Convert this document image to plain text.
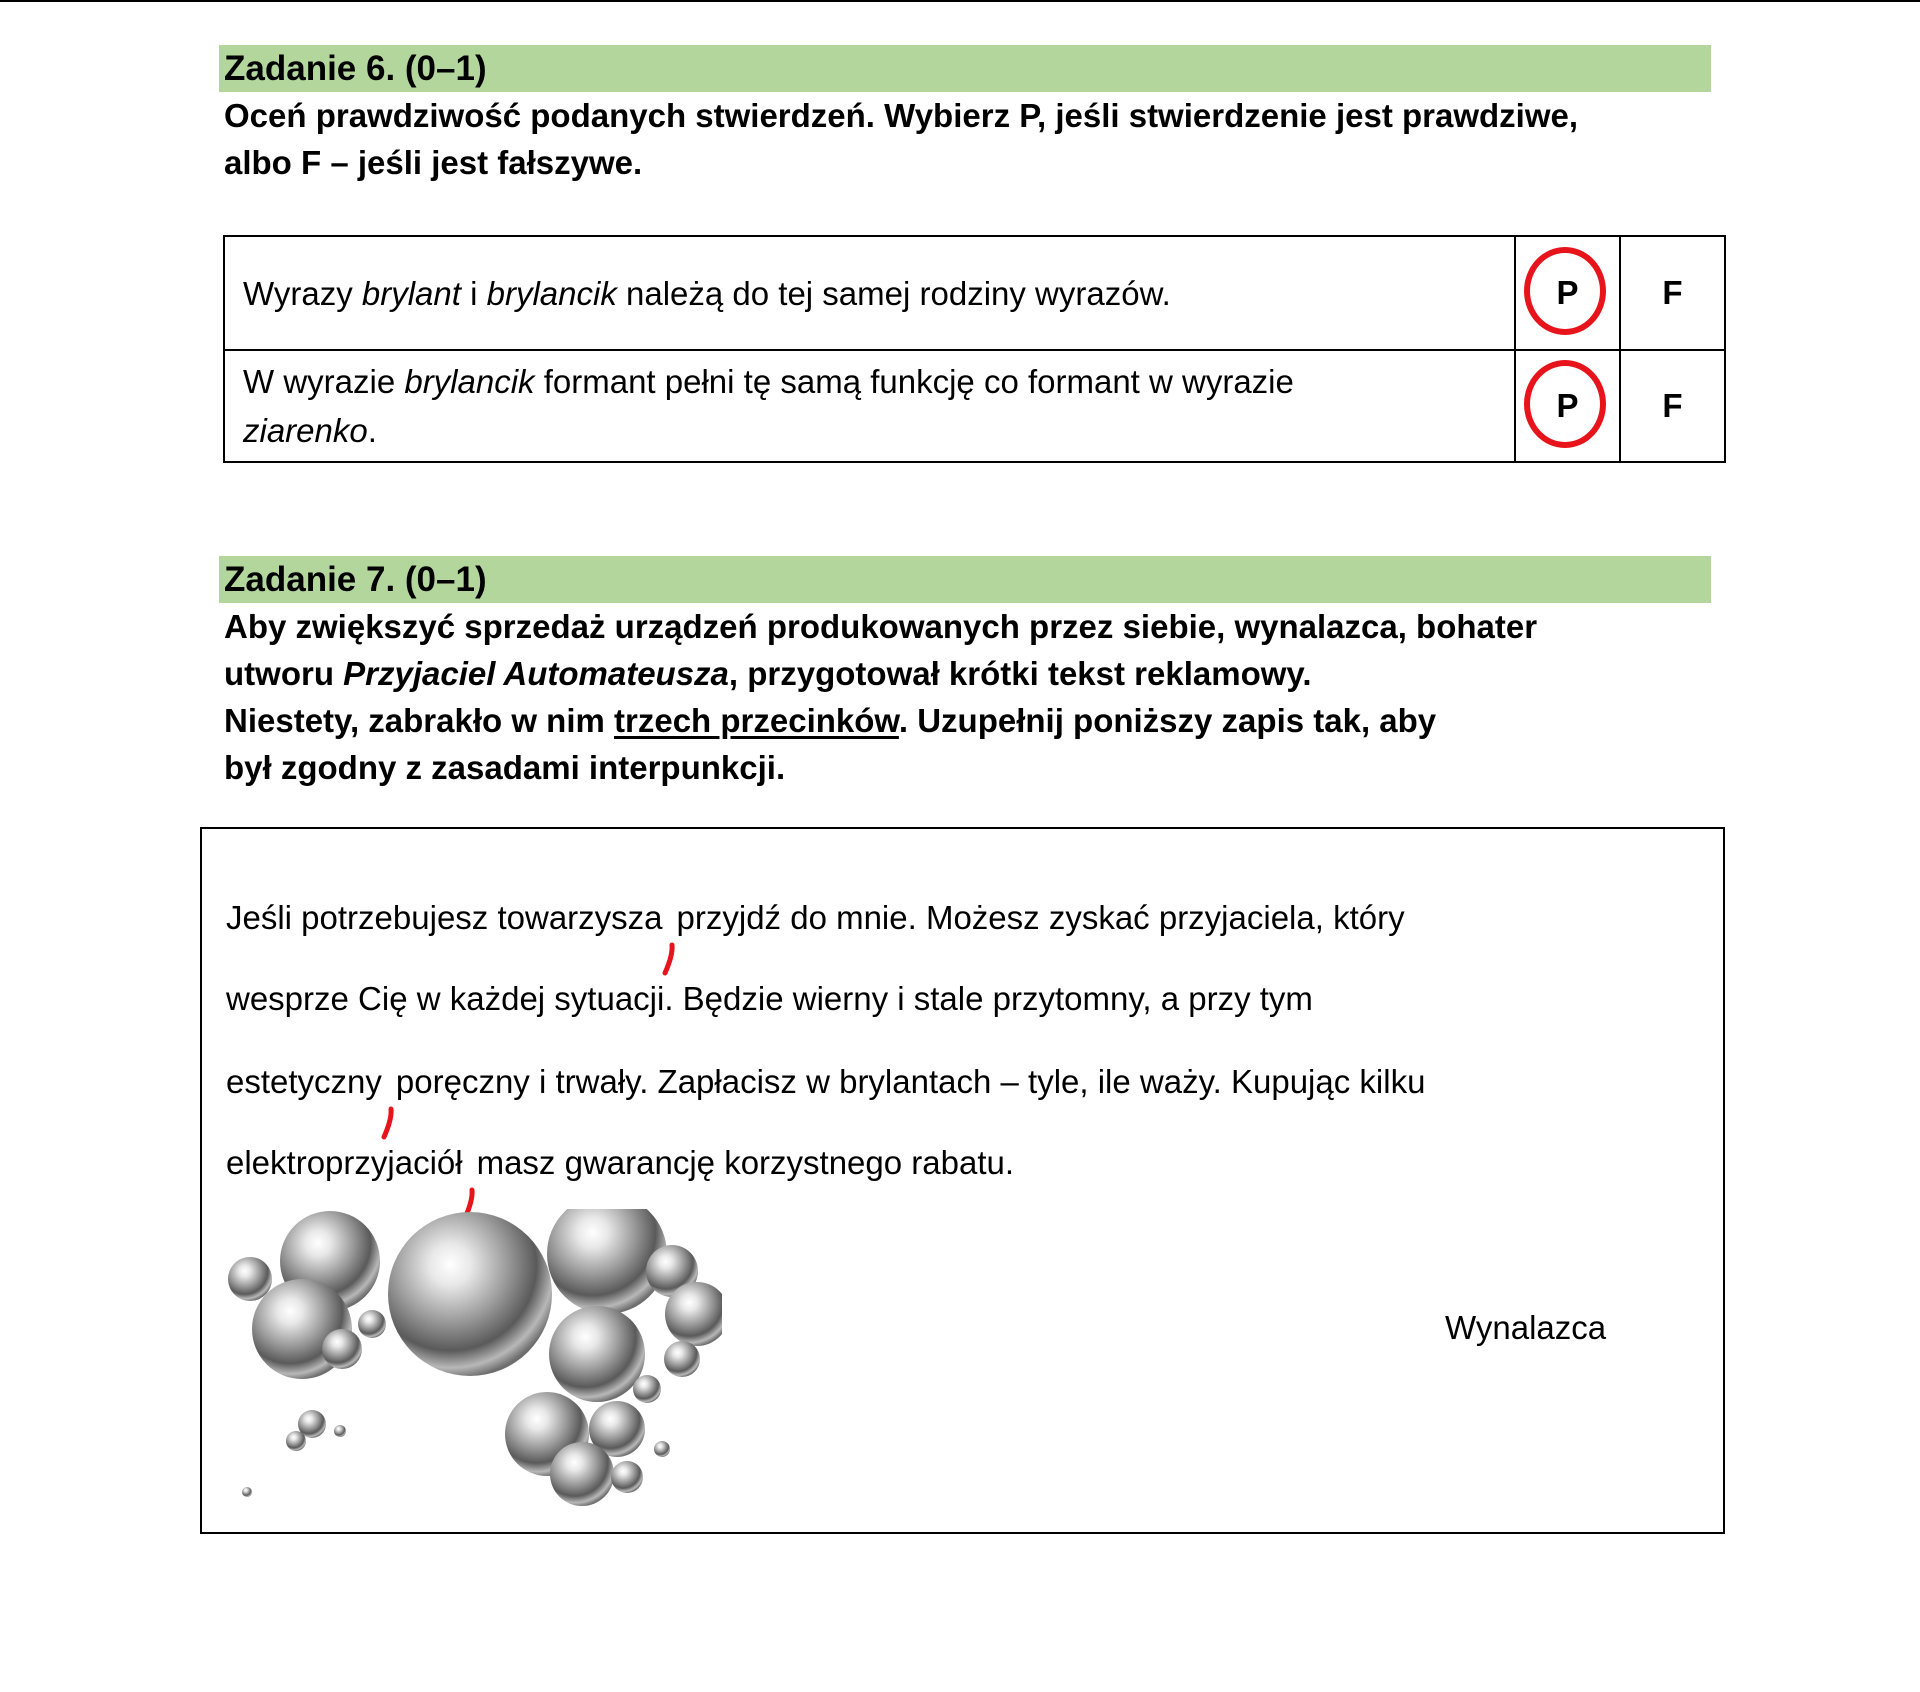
Zadanie 6. (0–1)
Oceń prawdziwość podanych stwierdzeń. Wybierz P, jeśli stwierdzenie jest prawdziwe,
albo F – jeśli jest fałszywe.
Wyrazy brylant i brylancik należą do tej samej rodziny wyrazów.	P	F
W wyrazie brylancik formant pełni tę samą funkcję co formant w wyrazie
ziarenko.	P	F
Zadanie 7. (0–1)
Aby zwiększyć sprzedaż urządzeń produkowanych przez siebie, wynalazca, bohater
utworu Przyjaciel Automateusza, przygotował krótki tekst reklamowy.
Niestety, zabrakło w nim trzech przecinków. Uzupełnij poniższy zapis tak, aby
był zgodny z zasadami interpunkcji.
Jeśli potrzebujesz towarzysza przyjdź do mnie. Możesz zyskać przyjaciela, który
wesprze Cię w każdej sytuacji. Będzie wierny i stale przytomny, a przy tym
estetyczny poręczny i trwały. Zapłacisz w brylantach – tyle, ile waży. Kupując kilku
elektroprzyjaciół masz gwarancję korzystnego rabatu.
Wynalazca
